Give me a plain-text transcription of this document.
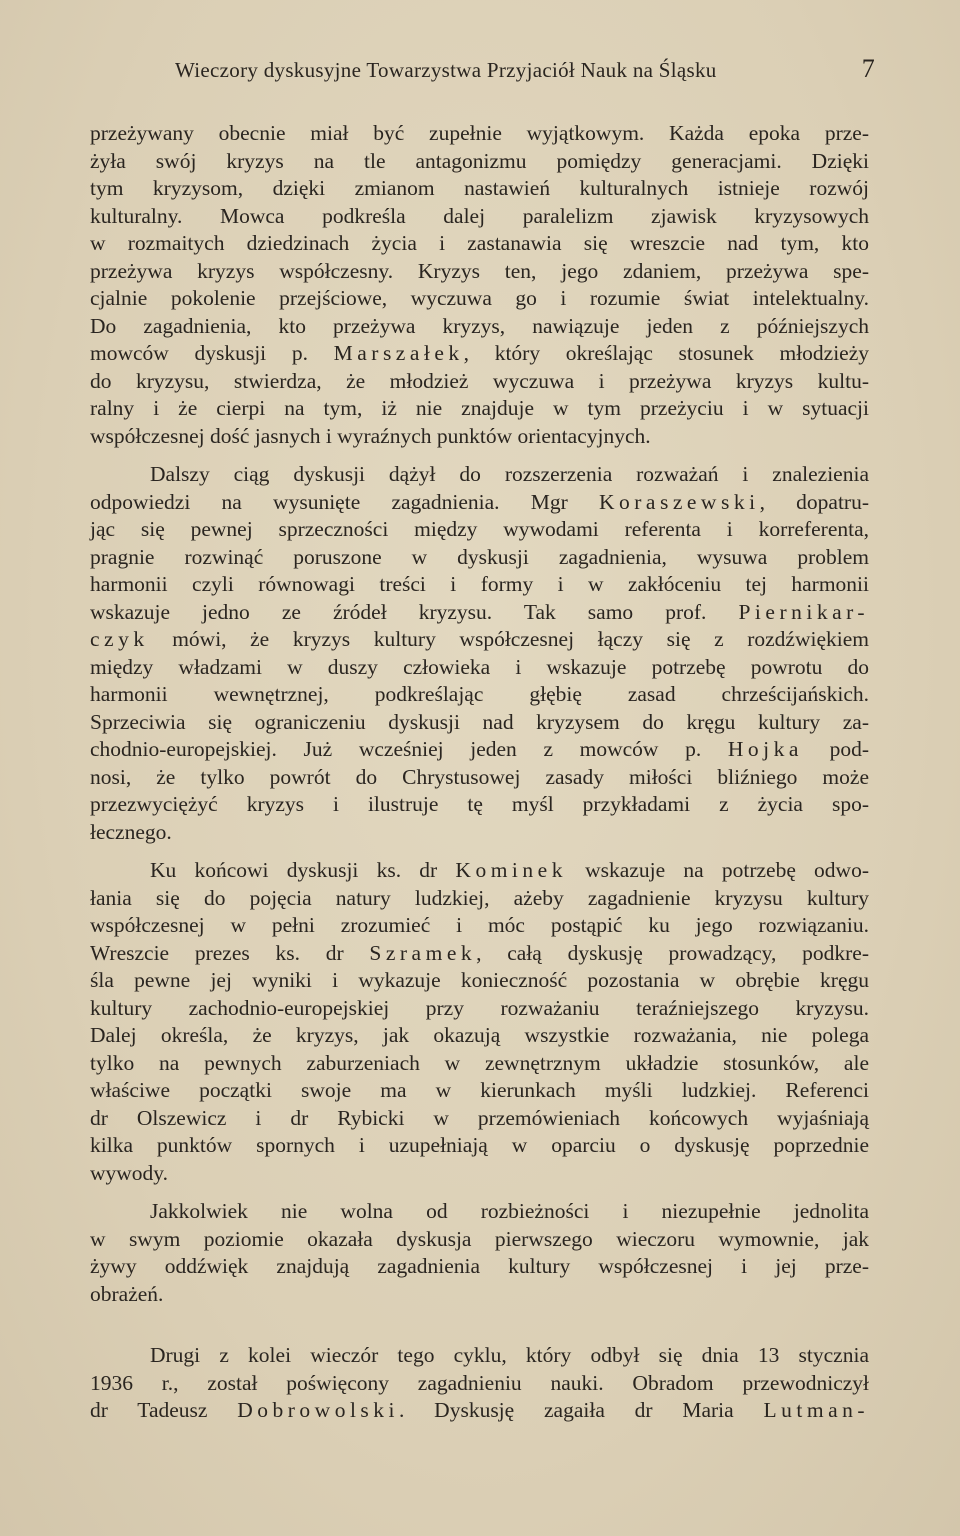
Wieczory dyskusyjne Towarzystwa Przyjaciół Nauk na Śląsku	7
przeżywany obecnie miał być zupełnie wyjątkowym. Każda epoka prze-
żyła swój kryzys na tle antagonizmu pomiędzy generacjami. Dzięki
tym kryzysom, dzięki zmianom nastawień kulturalnych istnieje rozwój
kulturalny. Mowca podkreśla dalej paralelizm zjawisk kryzysowych
w rozmaitych dziedzinach życia i zastanawia się wreszcie nad tym, kto
przeżywa kryzys współczesny. Kryzys ten, jego zdaniem, przeżywa spe-
cjalnie pokolenie przejściowe, wyczuwa go i rozumie świat intelektualny.
Do zagadnienia, kto przeżywa kryzys, nawiązuje jeden z późniejszych
mowców dyskusji p. Marszałek, który określając stosunek młodzieży
do kryzysu, stwierdza, że młodzież wyczuwa i przeżywa kryzys kultu-
ralny i że cierpi na tym, iż nie znajduje w tym przeżyciu i w sytuacji
współczesnej dość jasnych i wyraźnych punktów orientacyjnych.
Dalszy ciąg dyskusji dążył do rozszerzenia rozważań i znalezienia
odpowiedzi na wysunięte zagadnienia. Mgr Koraszewski, dopatru-
jąc się pewnej sprzeczności między wywodami referenta i korreferenta,
pragnie rozwinąć poruszone w dyskusji zagadnienia, wysuwa problem
harmonii czyli równowagi treści i formy i w zakłóceniu tej harmonii
wskazuje jedno ze źródeł kryzysu. Tak samo prof. Piernikar-
czyk mówi, że kryzys kultury współczesnej łączy się z rozdźwiękiem
między władzami w duszy człowieka i wskazuje potrzebę powrotu do
harmonii wewnętrznej, podkreślając głębię zasad chrześcijańskich.
Sprzeciwia się ograniczeniu dyskusji nad kryzysem do kręgu kultury za-
chodnio-europejskiej. Już wcześniej jeden z mowców p. Hojka pod-
nosi, że tylko powrót do Chrystusowej zasady miłości bliźniego może
przezwyciężyć kryzys i ilustruje tę myśl przykładami z życia spo-
łecznego.
Ku końcowi dyskusji ks. dr Kominek wskazuje na potrzebę odwo-
łania się do pojęcia natury ludzkiej, ażeby zagadnienie kryzysu kultury
współczesnej w pełni zrozumieć i móc postąpić ku jego rozwiązaniu.
Wreszcie prezes ks. dr Szramek, całą dyskusję prowadzący, podkre-
śla pewne jej wyniki i wykazuje konieczność pozostania w obrębie kręgu
kultury zachodnio-europejskiej przy rozważaniu teraźniejszego kryzysu.
Dalej określa, że kryzys, jak okazują wszystkie rozważania, nie polega
tylko na pewnych zaburzeniach w zewnętrznym układzie stosunków, ale
właściwe początki swoje ma w kierunkach myśli ludzkiej. Referenci
dr Olszewicz i dr Rybicki w przemówieniach końcowych wyjaśniają
kilka punktów spornych i uzupełniają w oparciu o dyskusję poprzednie
wywody.
Jakkolwiek nie wolna od rozbieżności i niezupełnie jednolita
w swym poziomie okazała dyskusja pierwszego wieczoru wymownie, jak
żywy oddźwięk znajdują zagadnienia kultury współczesnej i jej prze-
obrażeń.
Drugi z kolei wieczór tego cyklu, który odbył się dnia 13 stycznia
1936 r., został poświęcony zagadnieniu nauki. Obradom przewodniczył
dr Tadeusz Dobrowolski. Dyskusję zagaiła dr Maria Lutman-
